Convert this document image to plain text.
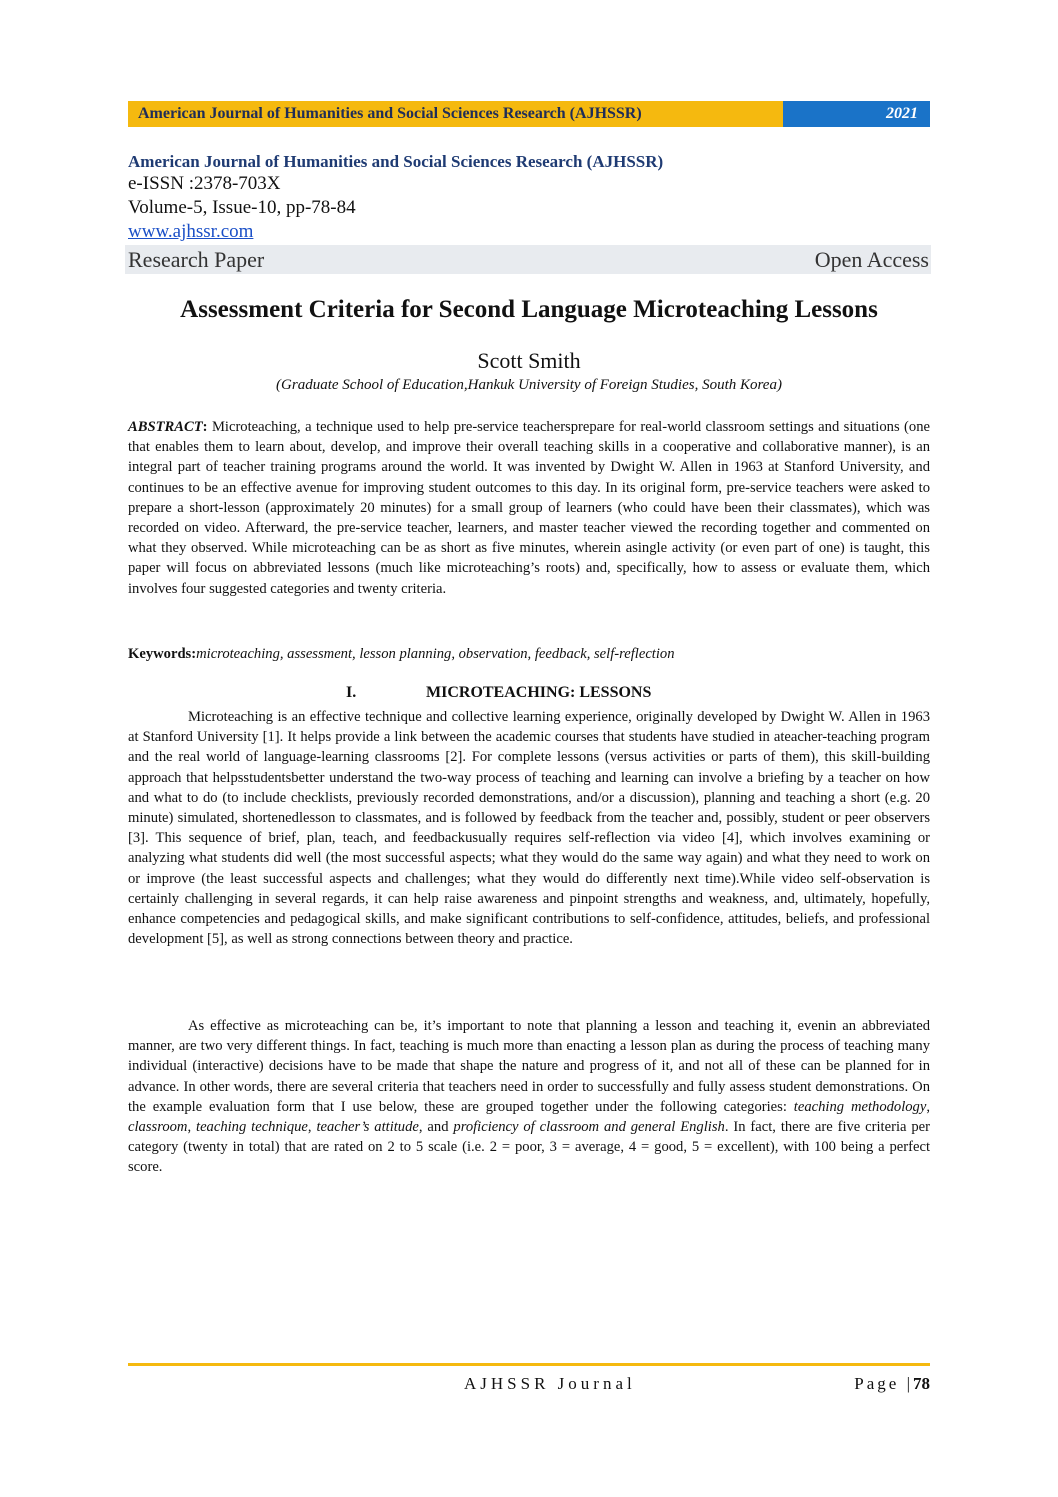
American Journal of Humanities and Social Sciences Research (AJHSSR)	2021
American Journal of Humanities and Social Sciences Research (AJHSSR)
e-ISSN :2378-703X
Volume-5, Issue-10, pp-78-84
www.ajhssr.com
Research Paper	Open Access
Assessment Criteria for Second Language Microteaching Lessons
Scott Smith
(Graduate School of Education,Hankuk University of Foreign Studies, South Korea)
ABSTRACT: Microteaching, a technique used to help pre-service teachersprepare for real-world classroom settings and situations (one that enables them to learn about, develop, and improve their overall teaching skills in a cooperative and collaborative manner), is an integral part of teacher training programs around the world. It was invented by Dwight W. Allen in 1963 at Stanford University, and continues to be an effective avenue for improving student outcomes to this day. In its original form, pre-service teachers were asked to prepare a short-lesson (approximately 20 minutes) for a small group of learners (who could have been their classmates), which was recorded on video. Afterward, the pre-service teacher, learners, and master teacher viewed the recording together and commented on what they observed. While microteaching can be as short as five minutes, wherein asingle activity (or even part of one) is taught, this paper will focus on abbreviated lessons (much like microteaching’s roots) and, specifically, how to assess or evaluate them, which involves four suggested categories and twenty criteria.
Keywords:microteaching, assessment, lesson planning, observation, feedback, self-reflection
I.	MICROTEACHING: LESSONS
Microteaching is an effective technique and collective learning experience, originally developed by Dwight W. Allen in 1963 at Stanford University [1]. It helps provide a link between the academic courses that students have studied in ateacher-teaching program and the real world of language-learning classrooms [2]. For complete lessons (versus activities or parts of them), this skill-building approach that helpsstudentsbetter understand the two-way process of teaching and learning can involve a briefing by a teacher on how and what to do (to include checklists, previously recorded demonstrations, and/or a discussion), planning and teaching a short (e.g. 20 minute) simulated, shortenedlesson to classmates, and is followed by feedback from the teacher and, possibly, student or peer observers [3]. This sequence of brief, plan, teach, and feedbackusually requires self-reflection via video [4], which involves examining or analyzing what students did well (the most successful aspects; what they would do the same way again) and what they need to work on or improve (the least successful aspects and challenges; what they would do differently next time).While video self-observation is certainly challenging in several regards, it can help raise awareness and pinpoint strengths and weakness, and, ultimately, hopefully, enhance competencies and pedagogical skills, and make significant contributions to self-confidence, attitudes, beliefs, and professional development [5], as well as strong connections between theory and practice.
As effective as microteaching can be, it’s important to note that planning a lesson and teaching it, evenin an abbreviated manner, are two very different things. In fact, teaching is much more than enacting a lesson plan as during the process of teaching many individual (interactive) decisions have to be made that shape the nature and progress of it, and not all of these can be planned for in advance. In other words, there are several criteria that teachers need in order to successfully and fully assess student demonstrations. On the example evaluation form that I use below, these are grouped together under the following categories: teaching methodology, classroom, teaching technique, teacher’s attitude, and proficiency of classroom and general English. In fact, there are five criteria per category (twenty in total) that are rated on 2 to 5 scale (i.e. 2 = poor, 3 = average, 4 = good, 5 = excellent), with 100 being a perfect score.
AJHSSR Journal	Page |78
